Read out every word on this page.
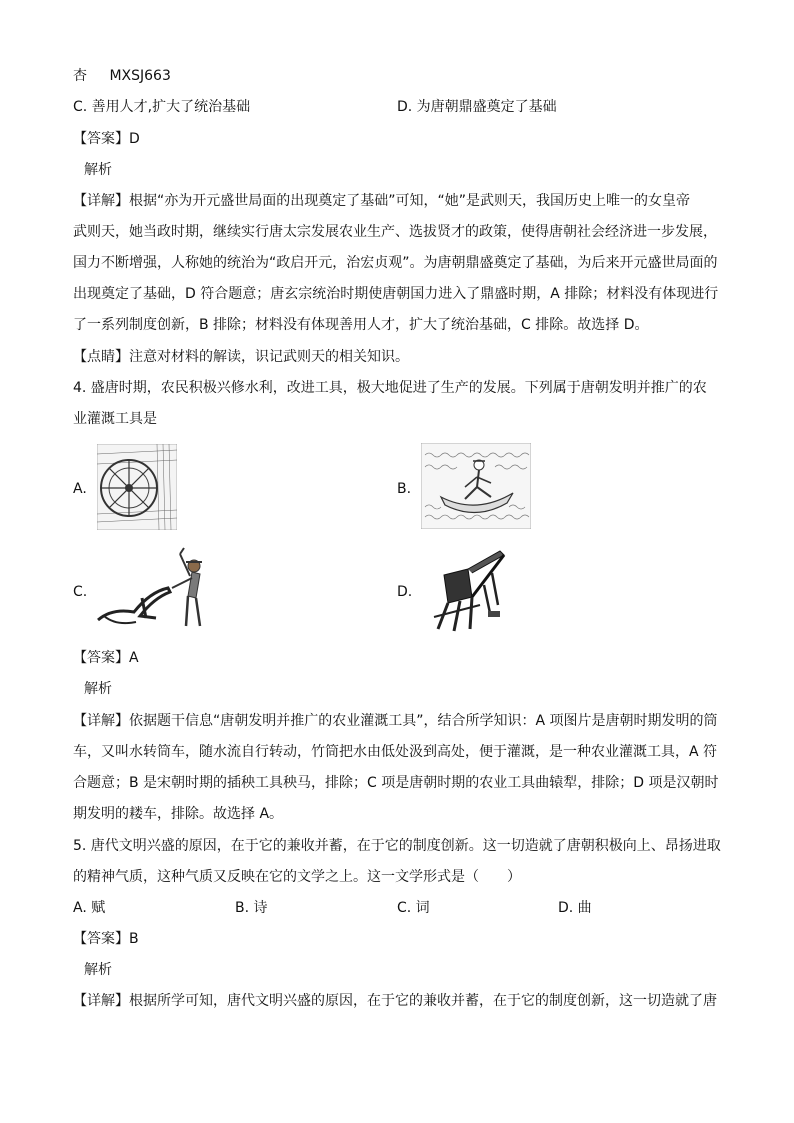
杏 MXSJ663
C. 善用人才,扩大了统治基础	D. 为唐朝鼎盛奠定了基础
【答案】D
解析
【详解】根据“亦为开元盛世局面的出现奠定了基础”可知，“她”是武则天，我国历史上唯一的女皇帝
武则天，她当政时期，继续实行唐太宗发展农业生产、选拔贤才的政策，使得唐朝社会经济进一步发展，
国力不断增强，人称她的统治为“政启开元，治宏贞观”。为唐朝鼎盛奠定了基础，为后来开元盛世局面的
出现奠定了基础，D 符合题意；唐玄宗统治时期使唐朝国力进入了鼎盛时期，A 排除；材料没有体现进行
了一系列制度创新，B 排除；材料没有体现善用人才，扩大了统治基础，C 排除。故选择 D。
【点睛】注意对材料的解读，识记武则天的相关知识。
4. 盛唐时期，农民积极兴修水利，改进工具，极大地促进了生产的发展。下列属于唐朝发明并推广的农
业灌溉工具是
A.	B.
C.	D.
【答案】A
解析
【详解】依据题干信息“唐朝发明并推广的农业灌溉工具”，结合所学知识：A 项图片是唐朝时期发明的筒
车，又叫水转筒车，随水流自行转动，竹筒把水由低处汲到高处，便于灌溉，是一种农业灌溉工具，A 符
合题意；B 是宋朝时期的插秧工具秧马，排除；C 项是唐朝时期的农业工具曲辕犁，排除；D 项是汉朝时
期发明的耧车，排除。故选择 A。
5. 唐代文明兴盛的原因，在于它的兼收并蓄，在于它的制度创新。这一切造就了唐朝积极向上、昂扬进取
的精神气质，这种气质又反映在它的文学之上。这一文学形式是（　　）
A. 赋	B. 诗	C. 词	D. 曲
【答案】B
解析
【详解】根据所学可知，唐代文明兴盛的原因，在于它的兼收并蓄，在于它的制度创新，这一切造就了唐
